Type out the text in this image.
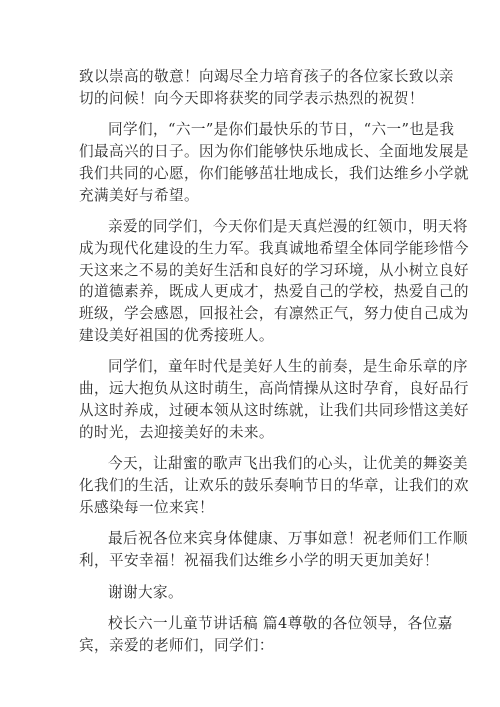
致以崇高的敬意！向竭尽全力培育孩子的各位家长致以亲
切的问候！向今天即将获奖的同学表示热烈的祝贺！

同学们，“六一”是你们最快乐的节日，“六一”也是我
们最高兴的日子。因为你们能够快乐地成长、全面地发展是
我们共同的心愿，你们能够茁壮地成长，我们达维乡小学就
充满美好与希望。

亲爱的同学们，今天你们是天真烂漫的红领巾，明天将
成为现代化建设的生力军。我真诚地希望全体同学能珍惜今
天这来之不易的美好生活和良好的学习环境，从小树立良好
的道德素养，既成人更成才，热爱自己的学校，热爱自己的
班级，学会感恩，回报社会，有凛然正气，努力使自己成为
建设美好祖国的优秀接班人。

同学们，童年时代是美好人生的前奏，是生命乐章的序
曲，远大抱负从这时萌生，高尚情操从这时孕育，良好品行
从这时养成，过硬本领从这时练就，让我们共同珍惜这美好
的时光，去迎接美好的未来。

今天，让甜蜜的歌声飞出我们的心头，让优美的舞姿美
化我们的生活，让欢乐的鼓乐奏响节日的华章，让我们的欢
乐感染每一位来宾！

最后祝各位来宾身体健康、万事如意！祝老师们工作顺
利，平安幸福！祝福我们达维乡小学的明天更加美好！

谢谢大家。

校长六一儿童节讲话稿 篇4尊敬的各位领导，各位嘉
宾，亲爱的老师们，同学们：
